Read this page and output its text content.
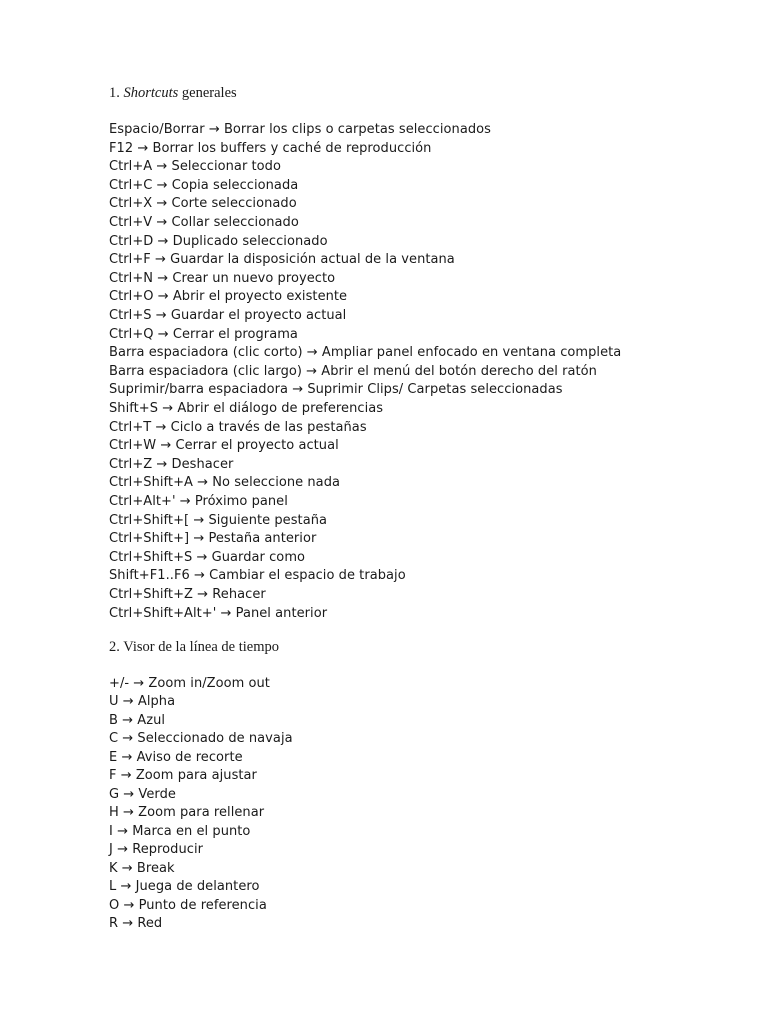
1. Shortcuts generales
Espacio/Borrar → Borrar los clips o carpetas seleccionados
F12 → Borrar los buffers y caché de reproducción
Ctrl+A → Seleccionar todo
Ctrl+C → Copia seleccionada
Ctrl+X → Corte seleccionado
Ctrl+V → Collar seleccionado
Ctrl+D → Duplicado seleccionado
Ctrl+F → Guardar la disposición actual de la ventana
Ctrl+N → Crear un nuevo proyecto
Ctrl+O → Abrir el proyecto existente
Ctrl+S → Guardar el proyecto actual
Ctrl+Q → Cerrar el programa
Barra espaciadora (clic corto) → Ampliar panel enfocado en ventana completa
Barra espaciadora (clic largo) → Abrir el menú del botón derecho del ratón
Suprimir/barra espaciadora → Suprimir Clips/ Carpetas seleccionadas
Shift+S → Abrir el diálogo de preferencias
Ctrl+T → Ciclo a través de las pestañas
Ctrl+W → Cerrar el proyecto actual
Ctrl+Z → Deshacer
Ctrl+Shift+A → No seleccione nada
Ctrl+Alt+' → Próximo panel
Ctrl+Shift+[ → Siguiente pestaña
Ctrl+Shift+] → Pestaña anterior
Ctrl+Shift+S → Guardar como
Shift+F1..F6 → Cambiar el espacio de trabajo
Ctrl+Shift+Z → Rehacer
Ctrl+Shift+Alt+' → Panel anterior
2. Visor de la línea de tiempo
+/- → Zoom in/Zoom out
U → Alpha
B → Azul
C → Seleccionado de navaja
E → Aviso de recorte
F → Zoom para ajustar
G → Verde
H → Zoom para rellenar
I → Marca en el punto
J → Reproducir
K → Break
L → Juega de delantero
O → Punto de referencia
R → Red
